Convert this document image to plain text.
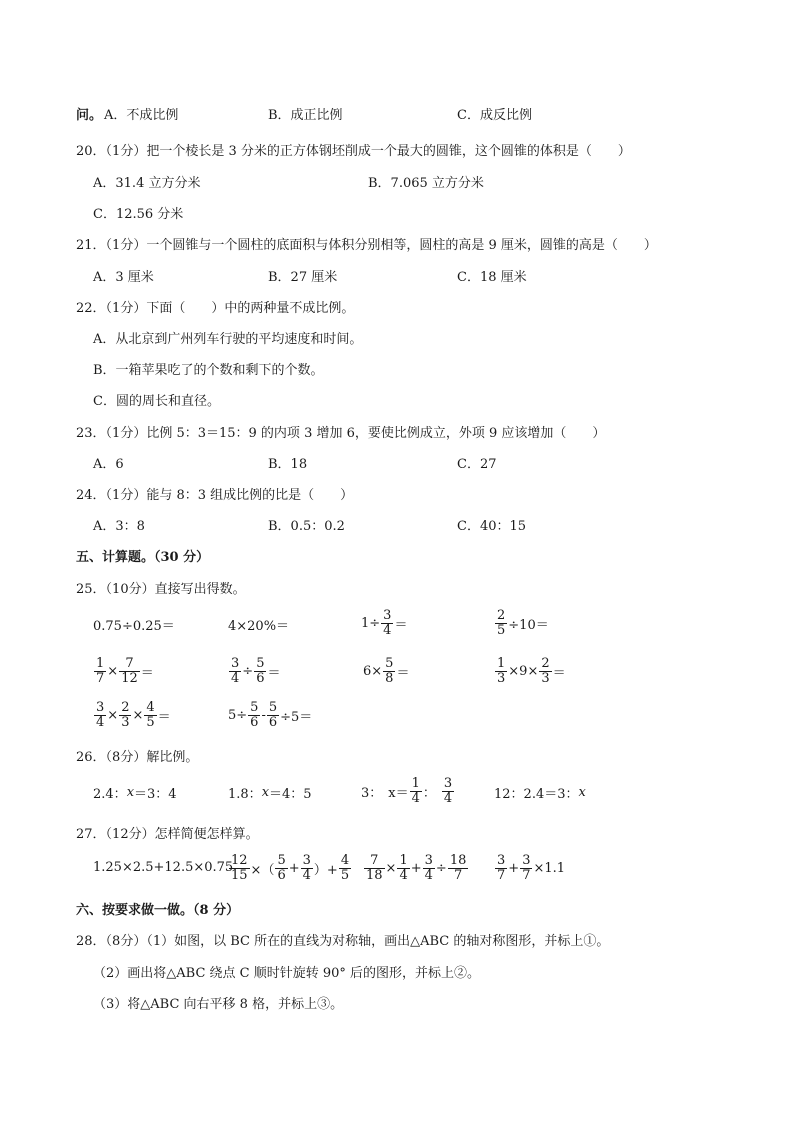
问。 A．不成比例	B．成正比例	C．成反比例
20．（1分）把一个棱长是 3 分米的正方体钢坯削成一个最大的圆锥，这个圆锥的体积是（　　）
A．31.4 立方分米	B．7.065 立方分米
C．12.56 分米
21．（1分）一个圆锥与一个圆柱的底面积与体积分别相等，圆柱的高是 9 厘米，圆锥的高是（　　）
A．3 厘米	B．27 厘米	C．18 厘米
22．（1分）下面（　　）中的两种量不成比例。
A．从北京到广州列车行驶的平均速度和时间。
B．一箱苹果吃了的个数和剩下的个数。
C．圆的周长和直径。
23．（1分）比例 5：3＝15：9 的内项 3 增加 6，要使比例成立，外项 9 应该增加（　　）
A．6	B．18	C．27
24．（1分）能与 8：3 组成比例的比是（　　）
A．3：8	B．0.5：0.2	C．40：15
五、计算题。（30 分）
25．（10分）直接写出得数。
0.75÷0.25＝	4×20%＝	$1\div \frac{3}{4}$ ＝	$\frac{2}{5} \div 10=$
$\frac{1}{7} \times \frac{7}{12}$ ＝	$\frac{3}{4} \div \frac{5}{6}$ ＝	$6\times \frac{5}{8}$ ＝	$\frac{1}{3} \times 9\times \frac{2}{3}$ ＝
$\frac{3}{4} \times \frac{2}{3} \times \frac{4}{5}$ ＝	$5\div \frac{5}{6} - \frac{5}{6} \div 5=$
26．（8分）解比例。
2.4： x ＝3：4	1.8： x ＝4：5	3： $x= \frac{1}{4}$ ： $\frac{3}{4}$	12：2.4＝3： x
27．（12分）怎样简便怎样算。
1.25×2.5+12.5×0.75
$\frac{12}{15}$ ×（ $\frac{5}{6} + \frac{3}{4}$ ）+ $\frac{4}{5} \frac{7}{18} \times \frac{1}{4} + \frac{3}{4} \div \frac{18}{7} \frac{3}{7} + \frac{3}{7} \times 1.1$
六、按要求做一做。（8 分）
28．（8分）（1）如图，以 BC 所在的直线为对称轴，画出△ABC 的轴对称图形，并标上①。
（2）画出将△ABC 绕点 C 顺时针旋转 90° 后的图形，并标上②。
（3）将△ABC 向右平移 8 格，并标上③。
